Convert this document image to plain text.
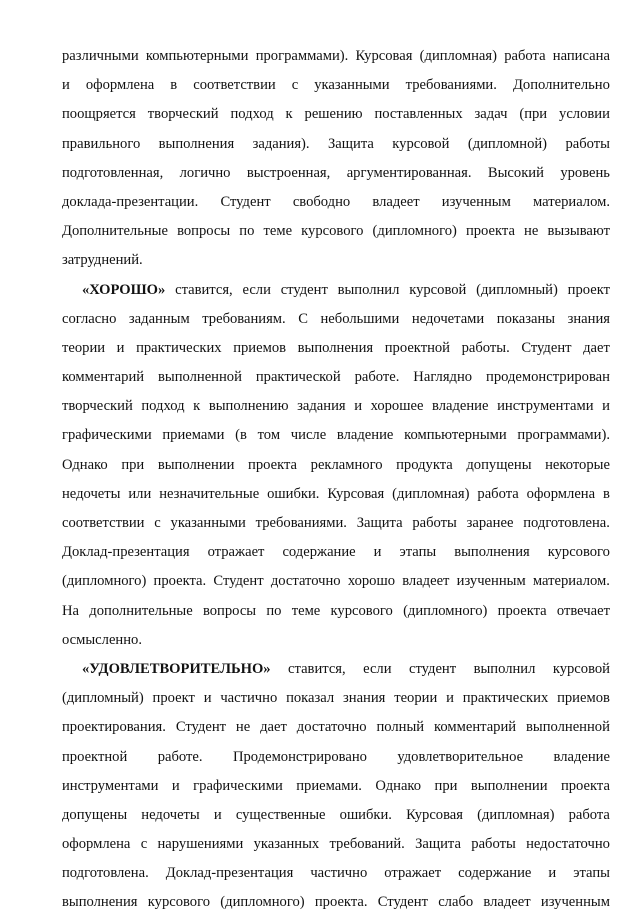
различными компьютерными программами). Курсовая (дипломная) работа написана
и оформлена в соответствии с указанными требованиями. Дополнительно
поощряется творческий подход к решению поставленных задач (при условии
правильного выполнения задания). Защита курсовой (дипломной) работы
подготовленная, логично выстроенная, аргументированная. Высокий уровень
доклада-презентации. Студент свободно владеет изученным материалом.
Дополнительные вопросы по теме курсового (дипломного) проекта не вызывают
затруднений.
«ХОРОШО» ставится, если студент выполнил курсовой (дипломный) проект
согласно заданным требованиям. С небольшими недочетами показаны знания
теории и практических приемов выполнения проектной работы. Студент дает
комментарий выполненной практической работе. Наглядно продемонстрирован
творческий подход к выполнению задания и хорошее владение инструментами и
графическими приемами (в том числе владение компьютерными программами).
Однако при выполнении проекта рекламного продукта допущены некоторые
недочеты или незначительные ошибки. Курсовая (дипломная) работа оформлена в
соответствии с указанными требованиями. Защита работы заранее подготовлена.
Доклад-презентация отражает содержание и этапы выполнения курсового
(дипломного) проекта. Студент достаточно хорошо владеет изученным материалом.
На дополнительные вопросы по теме курсового (дипломного) проекта отвечает
осмысленно.
«УДОВЛЕТВОРИТЕЛЬНО» ставится, если студент выполнил курсовой
(дипломный) проект и частично показал знания теории и практических приемов
проектирования. Студент не дает достаточно полный комментарий выполненной
проектной работе. Продемонстрировано удовлетворительное владение
инструментами и графическими приемами. Однако при выполнении проекта
допущены недочеты и существенные ошибки. Курсовая (дипломная) работа
оформлена с нарушениями указанных требований. Защита работы недостаточно
подготовлена. Доклад-презентация частично отражает содержание и этапы
выполнения курсового (дипломного) проекта. Студент слабо владеет изученным
